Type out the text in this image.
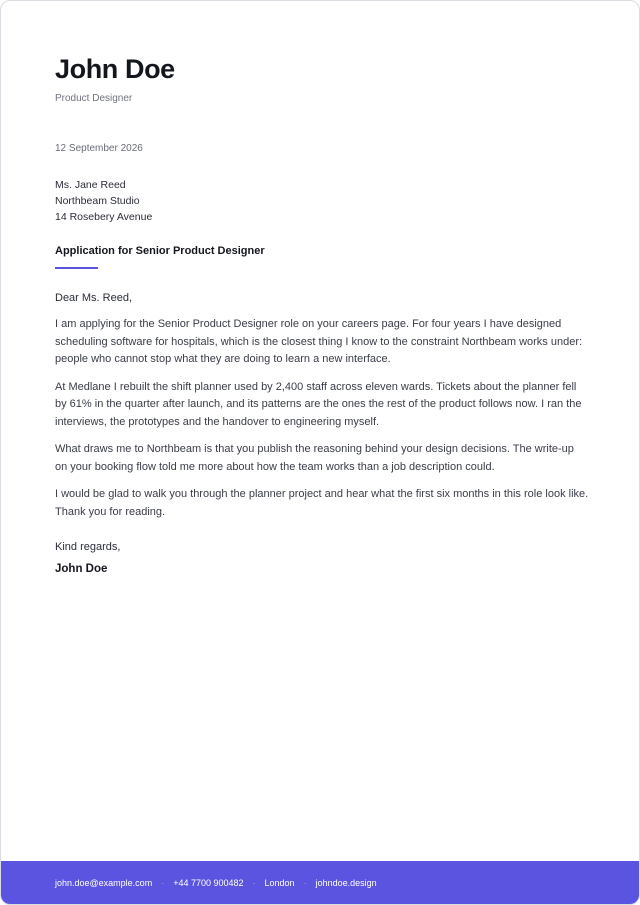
John Doe
Product Designer
12 September 2026
Ms. Jane Reed
Northbeam Studio
14 Rosebery Avenue
Application for Senior Product Designer
Dear Ms. Reed,
I am applying for the Senior Product Designer role on your careers page. For four years I have designed scheduling software for hospitals, which is the closest thing I know to the constraint Northbeam works under: people who cannot stop what they are doing to learn a new interface.
At Medlane I rebuilt the shift planner used by 2,400 staff across eleven wards. Tickets about the planner fell by 61% in the quarter after launch, and its patterns are the ones the rest of the product follows now. I ran the interviews, the prototypes and the handover to engineering myself.
What draws me to Northbeam is that you publish the reasoning behind your design decisions. The write-up on your booking flow told me more about how the team works than a job description could.
I would be glad to walk you through the planner project and hear what the first six months in this role look like. Thank you for reading.
Kind regards,
John Doe
john.doe@example.com · +44 7700 900482 · London · johndoe.design
